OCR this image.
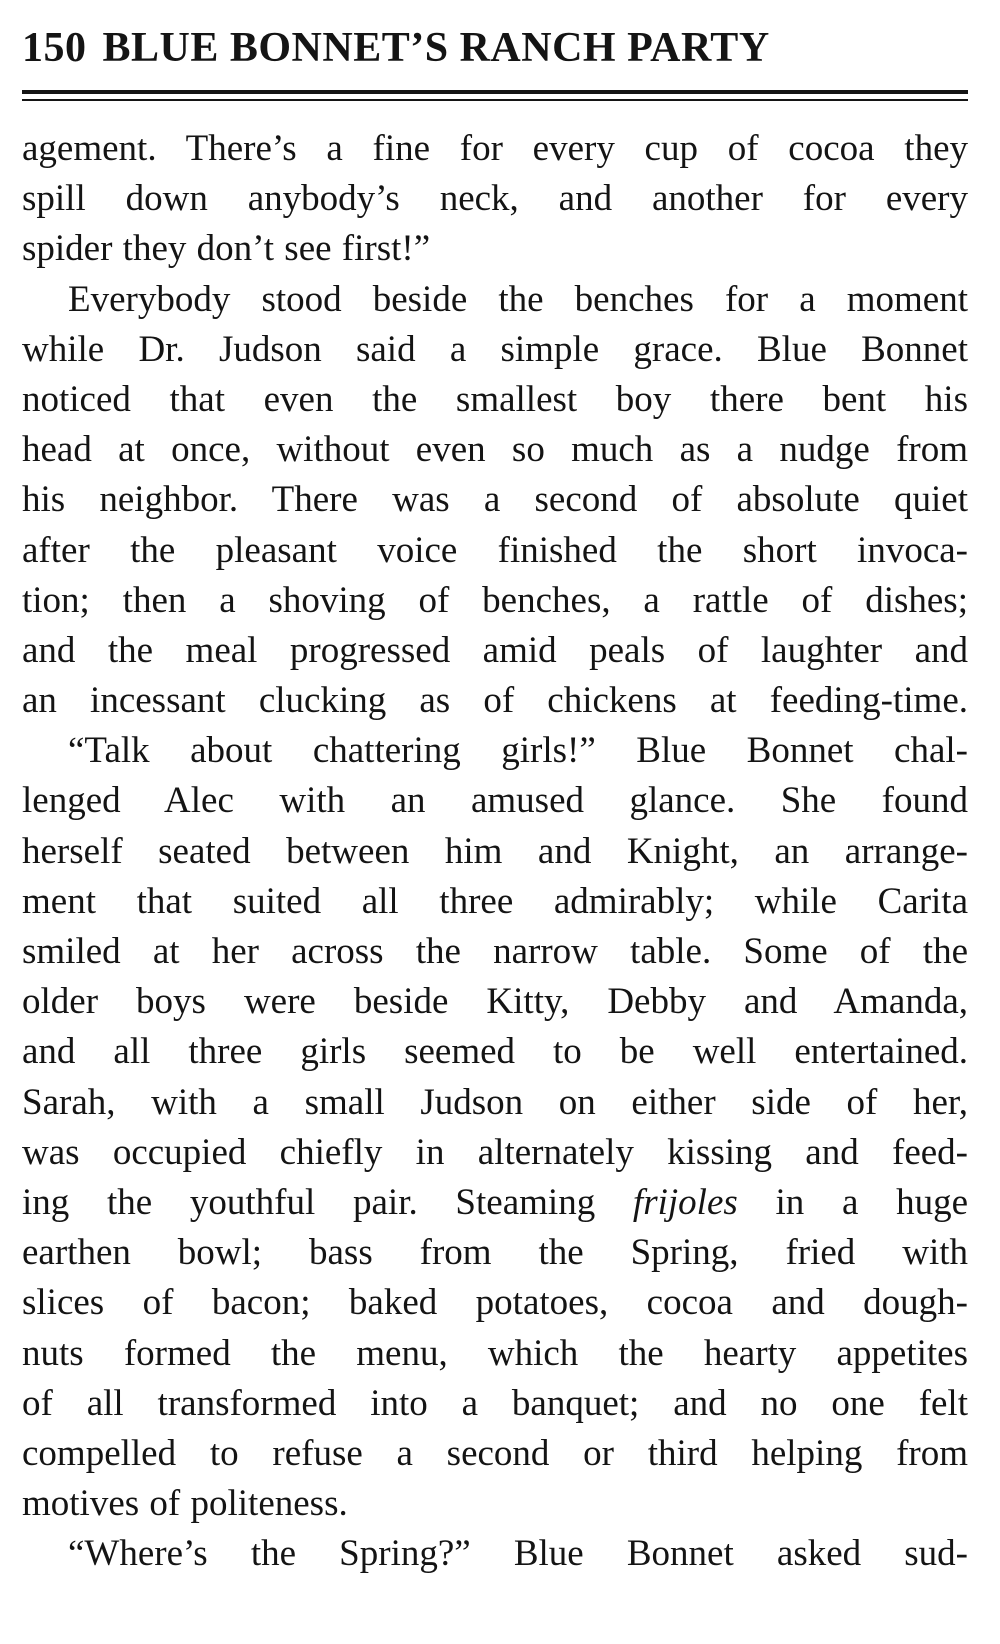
150 BLUE BONNET’S RANCH PARTY
agement. There’s a fine for every cup of cocoa they
spill down anybody’s neck, and another for every
spider they don’t see first!”
Everybody stood beside the benches for a moment
while Dr. Judson said a simple grace. Blue Bonnet
noticed that even the smallest boy there bent his
head at once, without even so much as a nudge from
his neighbor. There was a second of absolute quiet
after the pleasant voice finished the short invoca-
tion; then a shoving of benches, a rattle of dishes;
and the meal progressed amid peals of laughter and
an incessant clucking as of chickens at feeding-time.
“Talk about chattering girls!” Blue Bonnet chal-
lenged Alec with an amused glance. She found
herself seated between him and Knight, an arrange-
ment that suited all three admirably; while Carita
smiled at her across the narrow table. Some of the
older boys were beside Kitty, Debby and Amanda,
and all three girls seemed to be well entertained.
Sarah, with a small Judson on either side of her,
was occupied chiefly in alternately kissing and feed-
ing the youthful pair. Steaming frijoles in a huge
earthen bowl; bass from the Spring, fried with
slices of bacon; baked potatoes, cocoa and dough-
nuts formed the menu, which the hearty appetites
of all transformed into a banquet; and no one felt
compelled to refuse a second or third helping from
motives of politeness.
“Where’s the Spring?” Blue Bonnet asked sud-
